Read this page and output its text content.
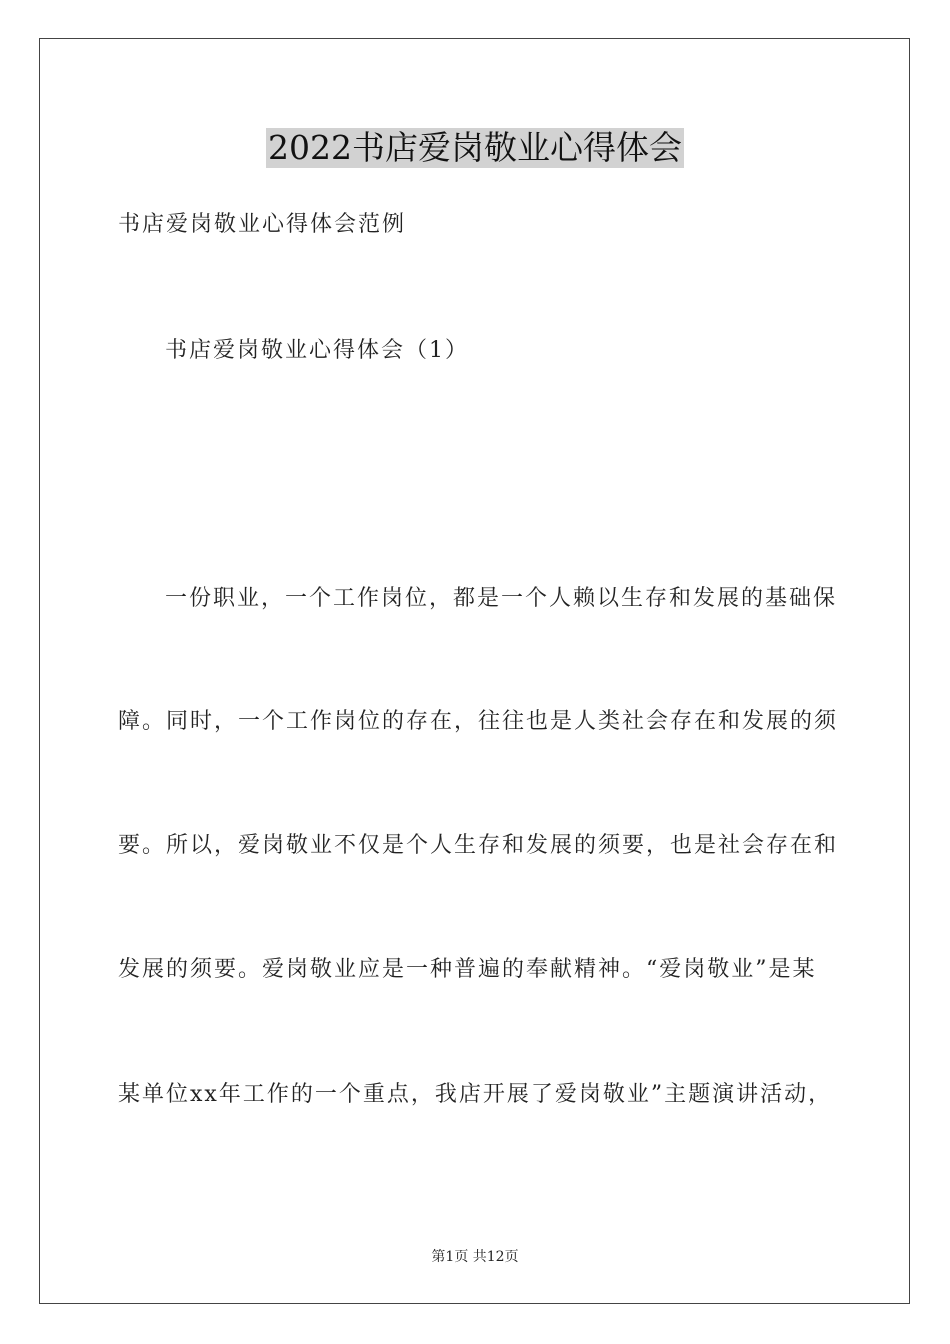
2022书店爱岗敬业心得体会
书店爱岗敬业心得体会范例
书店爱岗敬业心得体会（1）
一份职业，一个工作岗位，都是一个人赖以生存和发展的基础保
障。同时，一个工作岗位的存在，往往也是人类社会存在和发展的须
要。所以，爱岗敬业不仅是个人生存和发展的须要，也是社会存在和
发展的须要。爱岗敬业应是一种普遍的奉献精神。“爱岗敬业”是某
某单位xx年工作的一个重点，我店开展了爱岗敬业”主题演讲活动，
第1页 共12页
